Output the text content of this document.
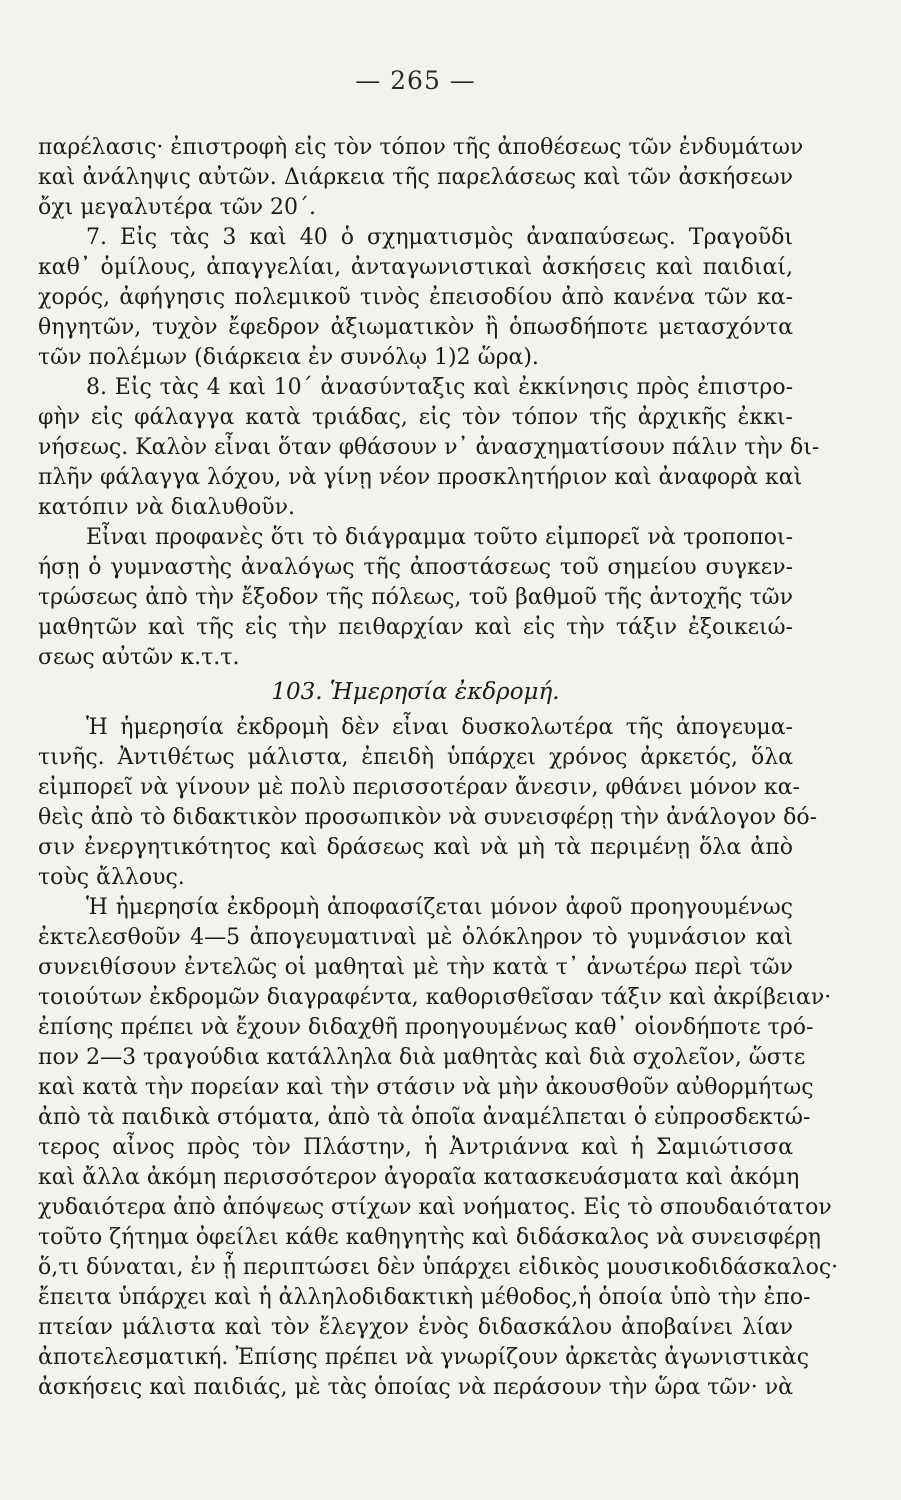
— 265 —
παρέλασις· ἐπιστροφὴ εἰς τὸν τόπον τῆς ἀποθέσεως τῶν ἐνδυμάτων
καὶ ἀνάληψις αὐτῶν. Διάρκεια τῆς παρελάσεως καὶ τῶν ἀσκήσεων
ὄχι μεγαλυτέρα τῶν 20΄.
7. Εἰς τὰς 3 καὶ 40 ὁ σχηματισμὸς ἀναπαύσεως. Τραγοῦδι
καθ᾽ ὁμίλους, ἀπαγγελίαι, ἀνταγωνιστικαὶ ἀσκήσεις καὶ παιδιαί,
χορός, ἀφήγησις πολεμικοῦ τινὸς ἐπεισοδίου ἀπὸ κανένα τῶν κα-
θηγητῶν, τυχὸν ἔφεδρον ἀξιωματικὸν ἢ ὁπωσδήποτε μετασχόντα
τῶν πολέμων (διάρκεια ἐν συνόλῳ 1)2 ὥρα).
8. Εἰς τὰς 4 καὶ 10΄ ἀνασύνταξις καὶ ἐκκίνησις πρὸς ἐπιστρο-
φὴν εἰς φάλαγγα κατὰ τριάδας, εἰς τὸν τόπον τῆς ἀρχικῆς ἐκκι-
νήσεως. Καλὸν εἶναι ὅταν φθάσουν ν᾽ ἀνασχηματίσουν πάλιν τὴν δι-
πλῆν φάλαγγα λόχου, νὰ γίνῃ νέον προσκλητήριον καὶ ἀναφορὰ καὶ
κατόπιν νὰ διαλυθοῦν.
Εἶναι προφανὲς ὅτι τὸ διάγραμμα τοῦτο εἰμπορεῖ νὰ τροποποι-
ήσῃ ὁ γυμναστὴς ἀναλόγως τῆς ἀποστάσεως τοῦ σημείου συγκεν-
τρώσεως ἀπὸ τὴν ἔξοδον τῆς πόλεως, τοῦ βαθμοῦ τῆς ἀντοχῆς τῶν
μαθητῶν καὶ τῆς εἰς τὴν πειθαρχίαν καὶ εἰς τὴν τάξιν ἐξοικειώ-
σεως αὐτῶν κ.τ.τ.
103. Ἡμερησία ἐκδρομή.
Ἡ ἡμερησία ἐκδρομὴ δὲν εἶναι δυσκολωτέρα τῆς ἀπογευμα-
τινῆς. Ἀντιθέτως μάλιστα, ἐπειδὴ ὑπάρχει χρόνος ἀρκετός, ὅλα
εἰμπορεῖ νὰ γίνουν μὲ πολὺ περισσοτέραν ἄνεσιν, φθάνει μόνον κα-
θεὶς ἀπὸ τὸ διδακτικὸν προσωπικὸν νὰ συνεισφέρῃ τὴν ἀνάλογον δό-
σιν ἐνεργητικότητος καὶ δράσεως καὶ νὰ μὴ τὰ περιμένῃ ὅλα ἀπὸ
τοὺς ἄλλους.
Ἡ ἡμερησία ἐκδρομὴ ἀποφασίζεται μόνον ἀφοῦ προηγουμένως
ἐκτελεσθοῦν 4—5 ἀπογευματιναὶ μὲ ὁλόκληρον τὸ γυμνάσιον καὶ
συνειθίσουν ἐντελῶς οἱ μαθηταὶ μὲ τὴν κατὰ τ᾽ ἀνωτέρω περὶ τῶν
τοιούτων ἐκδρομῶν διαγραφέντα, καθορισθεῖσαν τάξιν καὶ ἀκρίβειαν·
ἐπίσης πρέπει νὰ ἔχουν διδαχθῆ προηγουμένως καθ᾽ οἱονδήποτε τρό-
πον 2—3 τραγούδια κατάλληλα διὰ μαθητὰς καὶ διὰ σχολεῖον, ὥστε
καὶ κατὰ τὴν πορείαν καὶ τὴν στάσιν νὰ μὴν ἀκουσθοῦν αὐθορμήτως
ἀπὸ τὰ παιδικὰ στόματα, ἀπὸ τὰ ὁποῖα ἀναμέλπεται ὁ εὐπροσδεκτώ-
τερος αἶνος πρὸς τὸν Πλάστην, ἡ Ἀντριάννα καὶ ἡ Σαμιώτισσα
καὶ ἄλλα ἀκόμη περισσότερον ἀγοραῖα κατασκευάσματα καὶ ἀκόμη
χυδαιότερα ἀπὸ ἀπόψεως στίχων καὶ νοήματος. Εἰς τὸ σπουδαιότατον
τοῦτο ζήτημα ὀφείλει κάθε καθηγητὴς καὶ διδάσκαλος νὰ συνεισφέρῃ
ὅ,τι δύναται, ἐν ᾗ περιπτώσει δὲν ὑπάρχει εἰδικὸς μουσικοδιδάσκαλος·
ἔπειτα ὑπάρχει καὶ ἡ ἀλληλοδιδακτικὴ μέθοδος,ἡ ὁποία ὑπὸ τὴν ἐπο-
πτείαν μάλιστα καὶ τὸν ἔλεγχον ἑνὸς διδασκάλου ἀποβαίνει λίαν
ἀποτελεσματική. Ἐπίσης πρέπει νὰ γνωρίζουν ἀρκετὰς ἀγωνιστικὰς
ἀσκήσεις καὶ παιδιάς, μὲ τὰς ὁποίας νὰ περάσουν τὴν ὥρα τῶν· νὰ
